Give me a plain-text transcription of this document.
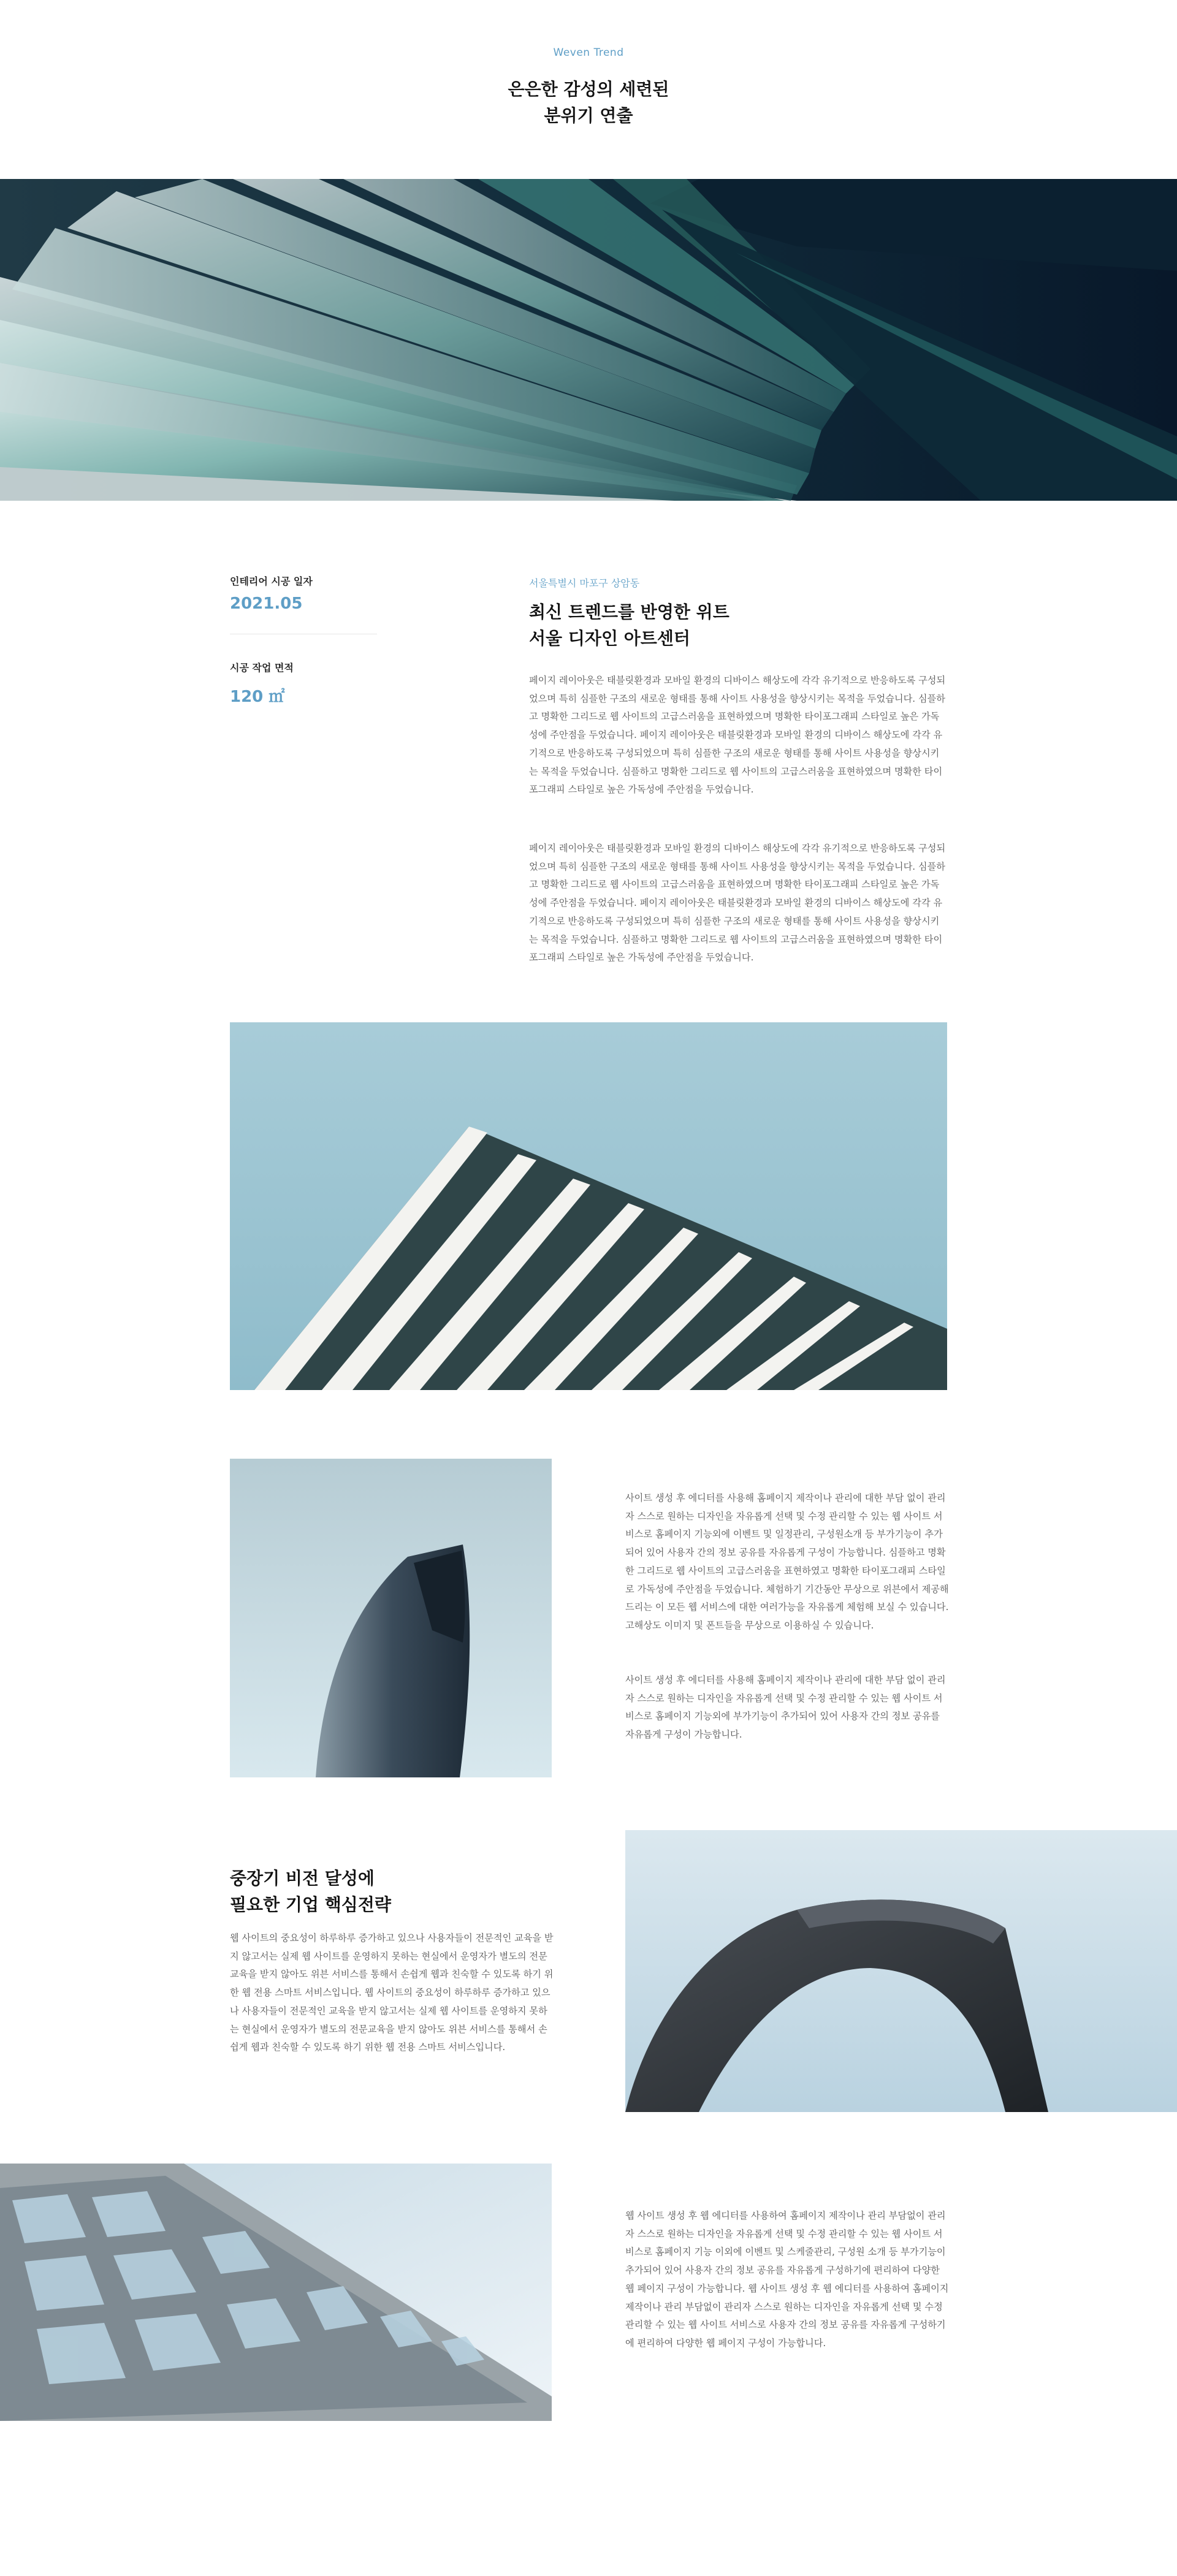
Weven Trend
은은한 감성의 세련된
분위기 연출
인테리어 시공 일자
2021.05
시공 작업 면적
120 ㎡
서울특별시 마포구 상암동
최신 트렌드를 반영한 위트
서울 디자인 아트센터
페이지 레이아웃은 태블릿환경과 모바일 환경의 디바이스 해상도에 각각 유기적으로 반응하도록 구성되었으며 특히 심플한 구조의 새로운 형태를 통해 사이트 사용성을 향상시키는 목적을 두었습니다. 심플하고 명확한 그리드로 웹 사이트의 고급스러움을 표현하였으며 명확한 타이포그래피 스타일로 높은 가독성에 주안점을 두었습니다. 페이지 레이아웃은 태블릿환경과 모바일 환경의 디바이스 해상도에 각각 유기적으로 반응하도록 구성되었으며 특히 심플한 구조의 새로운 형태를 통해 사이트 사용성을 향상시키는 목적을 두었습니다. 심플하고 명확한 그리드로 웹 사이트의 고급스러움을 표현하였으며 명확한 타이포그래피 스타일로 높은 가독성에 주안점을 두었습니다.
페이지 레이아웃은 태블릿환경과 모바일 환경의 디바이스 해상도에 각각 유기적으로 반응하도록 구성되었으며 특히 심플한 구조의 새로운 형태를 통해 사이트 사용성을 향상시키는 목적을 두었습니다. 심플하고 명확한 그리드로 웹 사이트의 고급스러움을 표현하였으며 명확한 타이포그래피 스타일로 높은 가독성에 주안점을 두었습니다. 페이지 레이아웃은 태블릿환경과 모바일 환경의 디바이스 해상도에 각각 유기적으로 반응하도록 구성되었으며 특히 심플한 구조의 새로운 형태를 통해 사이트 사용성을 향상시키는 목적을 두었습니다. 심플하고 명확한 그리드로 웹 사이트의 고급스러움을 표현하였으며 명확한 타이포그래피 스타일로 높은 가독성에 주안점을 두었습니다.
사이트 생성 후 에디터를 사용해 홈페이지 제작이나 관리에 대한 부담 없이 관리자 스스로 원하는 디자인을 자유롭게 선택 및 수정 관리할 수 있는 웹 사이트 서비스로 홈페이지 기능외에 이벤트 및 일정관리, 구성원소개 등 부가기능이 추가되어 있어 사용자 간의 정보 공유를 자유롭게 구성이 가능합니다. 심플하고 명확한 그리드로 웹 사이트의 고급스러움을 표현하였고 명확한 타이포그래피 스타일로 가독성에 주안점을 두었습니다. 체험하기 기간동안 무상으로 위븐에서 제공해 드리는 이 모든 웹 서비스에 대한 여러가능을 자유롭게 체험해 보실 수 있습니다. 고해상도 이미지 및 폰트들을 무상으로 이용하실 수 있습니다.
사이트 생성 후 에디터를 사용해 홈페이지 제작이나 관리에 대한 부담 없이 관리자 스스로 원하는 디자인을 자유롭게 선택 및 수정 관리할 수 있는 웹 사이트 서비스로 홈페이지 기능외에 부가기능이 추가되어 있어 사용자 간의 정보 공유를 자유롭게 구성이 가능합니다.
중장기 비전 달성에
필요한 기업 핵심전략
웹 사이트의 중요성이 하루하루 증가하고 있으나 사용자들이 전문적인 교육을 받지 않고서는 실제 웹 사이트를 운영하지 못하는 현실에서 운영자가 별도의 전문교육을 받지 않아도 위븐 서비스를 통해서 손쉽게 웹과 친숙할 수 있도록 하기 위한 웹 전용 스마트 서비스입니다. 웹 사이트의 중요성이 하루하루 증가하고 있으나 사용자들이 전문적인 교육을 받지 않고서는 실제 웹 사이트를 운영하지 못하는 현실에서 운영자가 별도의 전문교육을 받지 않아도 위븐 서비스를 통해서 손쉽게 웹과 친숙할 수 있도록 하기 위한 웹 전용 스마트 서비스입니다.
웹 사이트 생성 후 웹 에디터를 사용하여 홈페이지 제작이나 관리 부담없이 관리자 스스로 원하는 디자인을 자유롭게 선택 및 수정 관리할 수 있는 웹 사이트 서비스로 홈페이지 기능 이외에 이벤트 및 스케줄관리, 구성원 소개 등 부가기능이 추가되어 있어 사용자 간의 정보 공유를 자유롭게 구성하기에 편리하여 다양한 웹 페이지 구성이 가능합니다. 웹 사이트 생성 후 웹 에디터를 사용하여 홈페이지 제작이나 관리 부담없이 관리자 스스로 원하는 디자인을 자유롭게 선택 및 수정 관리할 수 있는 웹 사이트 서비스로 사용자 간의 정보 공유를 자유롭게 구성하기에 편리하여 다양한 웹 페이지 구성이 가능합니다.
